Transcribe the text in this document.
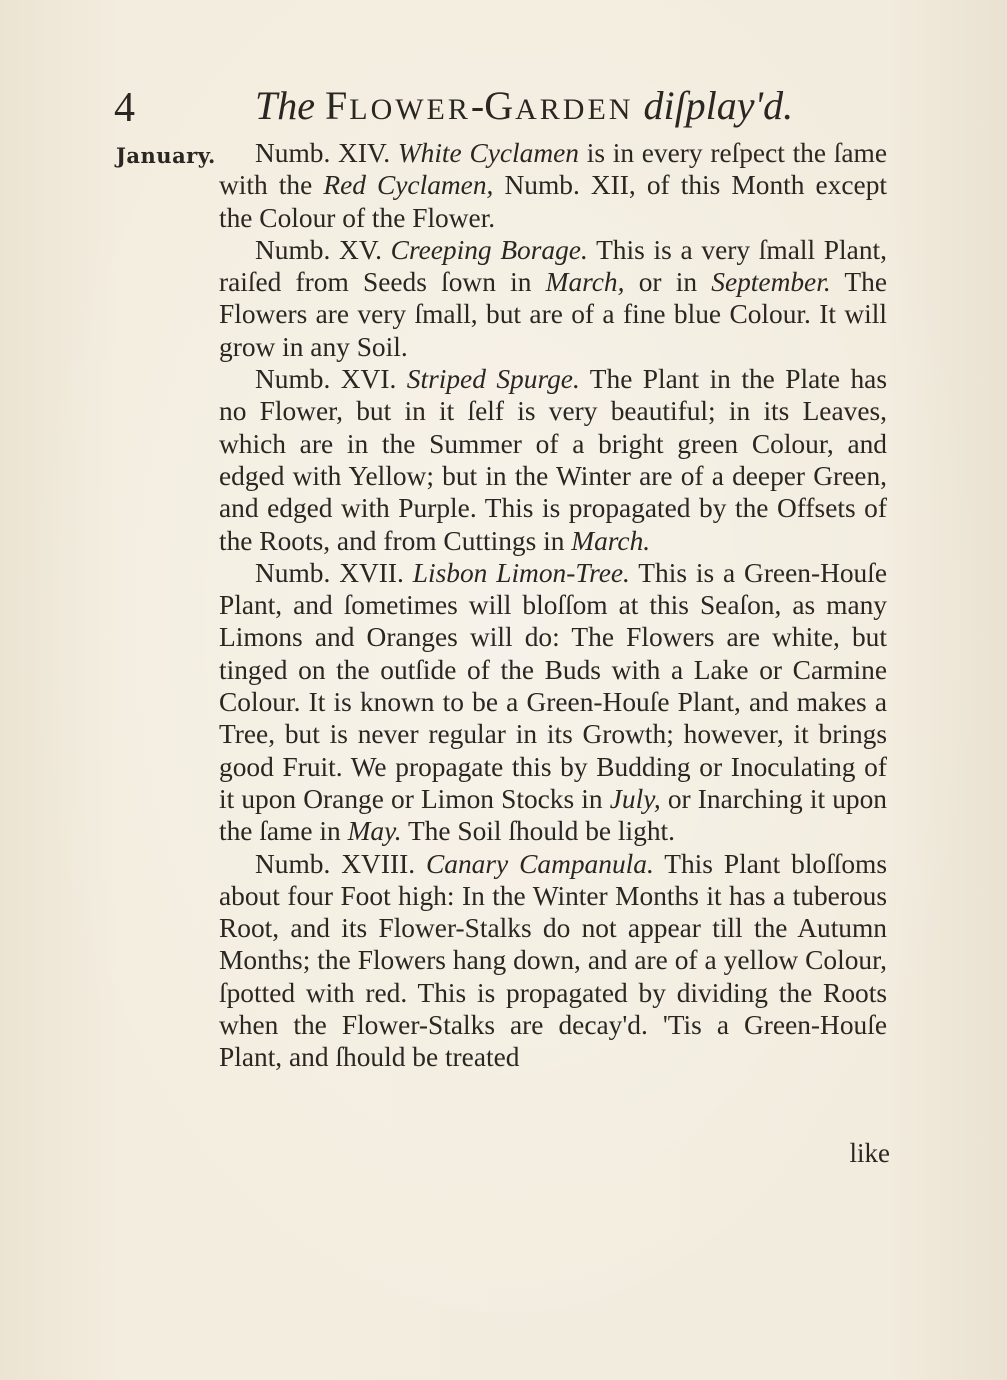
4	The FLOWER-GARDEN diſplay'd.
January.	Numb. XIV. White Cyclamen is in every reſpect the ſame with the Red Cyclamen, Numb. XII, of this Month except the Colour of the Flower.

Numb. XV. Creeping Borage. This is a very ſmall Plant, raiſed from Seeds ſown in March, or in September. The Flowers are very ſmall, but are of a fine blue Colour. It will grow in any Soil.

Numb. XVI. Striped Spurge. The Plant in the Plate has no Flower, but in it ſelf is very beautiful; in its Leaves, which are in the Summer of a bright green Colour, and edged with Yellow; but in the Winter are of a deeper Green, and edged with Purple. This is propagated by the Offsets of the Roots, and from Cuttings in March.

Numb. XVII. Lisbon Limon-Tree. This is a Green-Houſe Plant, and ſometimes will bloſſom at this Seaſon, as many Limons and Oranges will do: The Flowers are white, but tinged on the outſide of the Buds with a Lake or Carmine Colour. It is known to be a Green-Houſe Plant, and makes a Tree, but is never regular in its Growth; however, it brings good Fruit. We propagate this by Budding or Inoculating of it upon Orange or Limon Stocks in July, or Inarching it upon the ſame in May. The Soil ſhould be light.

Numb. XVIII. Canary Campanula. This Plant bloſſoms about four Foot high: In the Winter Months it has a tuberous Root, and its Flower-Stalks do not appear till the Autumn Months; the Flowers hang down, and are of a yellow Colour, ſpotted with red. This is propagated by dividing the Roots when the Flower-Stalks are decay'd. 'Tis a Green-Houſe Plant, and ſhould be treated

like
